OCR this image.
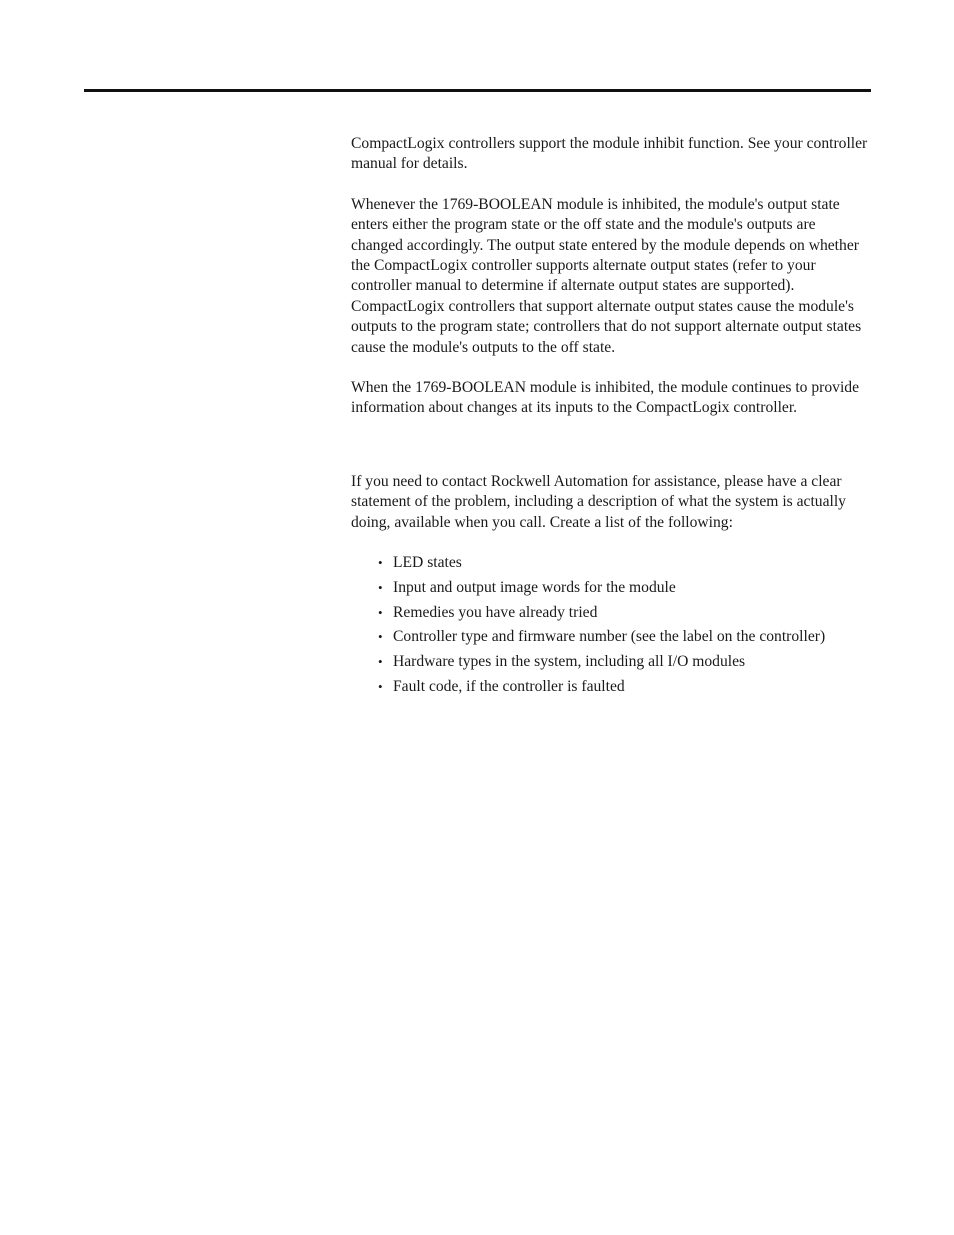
CompactLogix controllers support the module inhibit function. See your controller manual for details.

Whenever the 1769-BOOLEAN module is inhibited, the module's output state enters either the program state or the off state and the module's outputs are changed accordingly. The output state entered by the module depends on whether the CompactLogix controller supports alternate output states (refer to your controller manual to determine if alternate output states are supported). CompactLogix controllers that support alternate output states cause the module's outputs to the program state; controllers that do not support alternate output states cause the module's outputs to the off state.

When the 1769-BOOLEAN module is inhibited, the module continues to provide information about changes at its inputs to the CompactLogix controller.

If you need to contact Rockwell Automation for assistance, please have a clear statement of the problem, including a description of what the system is actually doing, available when you call. Create a list of the following:

• LED states
• Input and output image words for the module
• Remedies you have already tried
• Controller type and firmware number (see the label on the controller)
• Hardware types in the system, including all I/O modules
• Fault code, if the controller is faulted
